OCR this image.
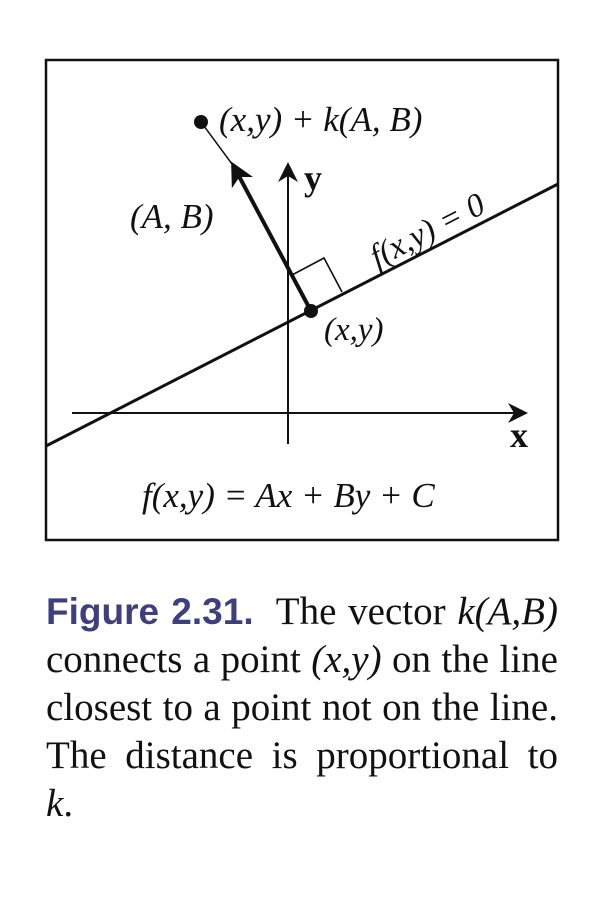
(x,y) + k(A, B)
y
(A, B)	f(x,y) = 0
(x,y)
x
f(x,y) = Ax + By + C

Figure 2.31. The vector k(A,B) connects a point (x,y) on the line closest to a point not on the line. The distance is proportional to k.
